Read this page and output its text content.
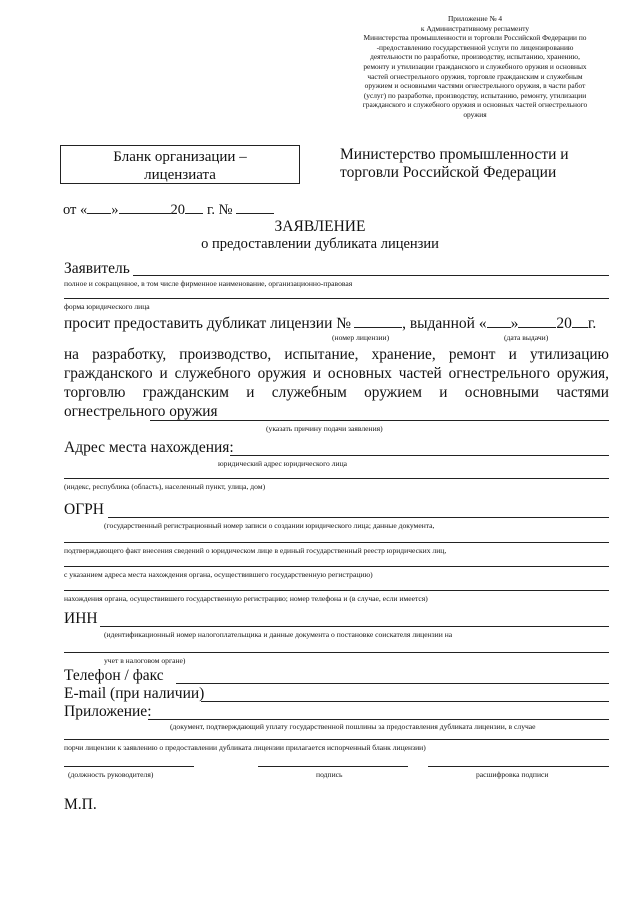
Приложение № 4
к Административному регламенту
Министерства промышленности и торговли Российской Федерации по
-предоставлению государственной услуги по лицензированию
деятельности по разработке, производству, испытанию, хранению,
ремонту и утилизации гражданского и служебного оружия и основных
частей огнестрельного оружия, торговле гражданским и служебным
оружием и основными частями огнестрельного оружия, в части работ
(услуг) по разработке, производству, испытанию, ремонту, утилизации
гражданского и служебного оружия и основных частей огнестрельного
оружия
Бланк организации –
лицензиата
Министерство промышленности и
торговли Российской Федерации
от « »	20 г. №
ЗАЯВЛЕНИЕ
о предоставлении дубликата лицензии
Заявитель
полное и сокращенное, в том числе фирменное наименование, организационно-правовая
форма юридического лица
просит предоставить дубликат лицензии №	, выданной « » 20 г.
(номер лицензии)	(дата выдачи)
на разработку, производство, испытание, хранение, ремонт и утилизацию гражданского и служебного оружия и основных частей огнестрельного оружия, торговлю гражданским и служебным оружием и основными частями огнестрельного оружия
(указать причину подачи заявления)
Адрес места нахождения:
юридический адрес юридического лица
(индекс, республика (область), населенный пункт, улица, дом)
ОГРН
(государственный регистрационный номер записи о создании юридического лица; данные документа,
подтверждающего факт внесения сведений о юридическом лице в единый государственный реестр юридических лиц,
с указанием адреса места нахождения органа, осуществившего государственную регистрацию)
нахождения органа, осуществившего государственную регистрацию; номер телефона и (в случае, если имеется)
ИНН
(идентификационный номер налогоплательщика и данные документа о постановке соискателя лицензии на
учет в налоговом органе)
Телефон / факс
E-mail (при наличии)
Приложение:
(документ, подтверждающий уплату государственной пошлины за предоставления дубликата лицензии, в случае
порчи лицензии к заявлению о предоставлении дубликата лицензии прилагается испорченный бланк лицензии)
(должность руководителя)	подпись	расшифровка подписи
М.П.
